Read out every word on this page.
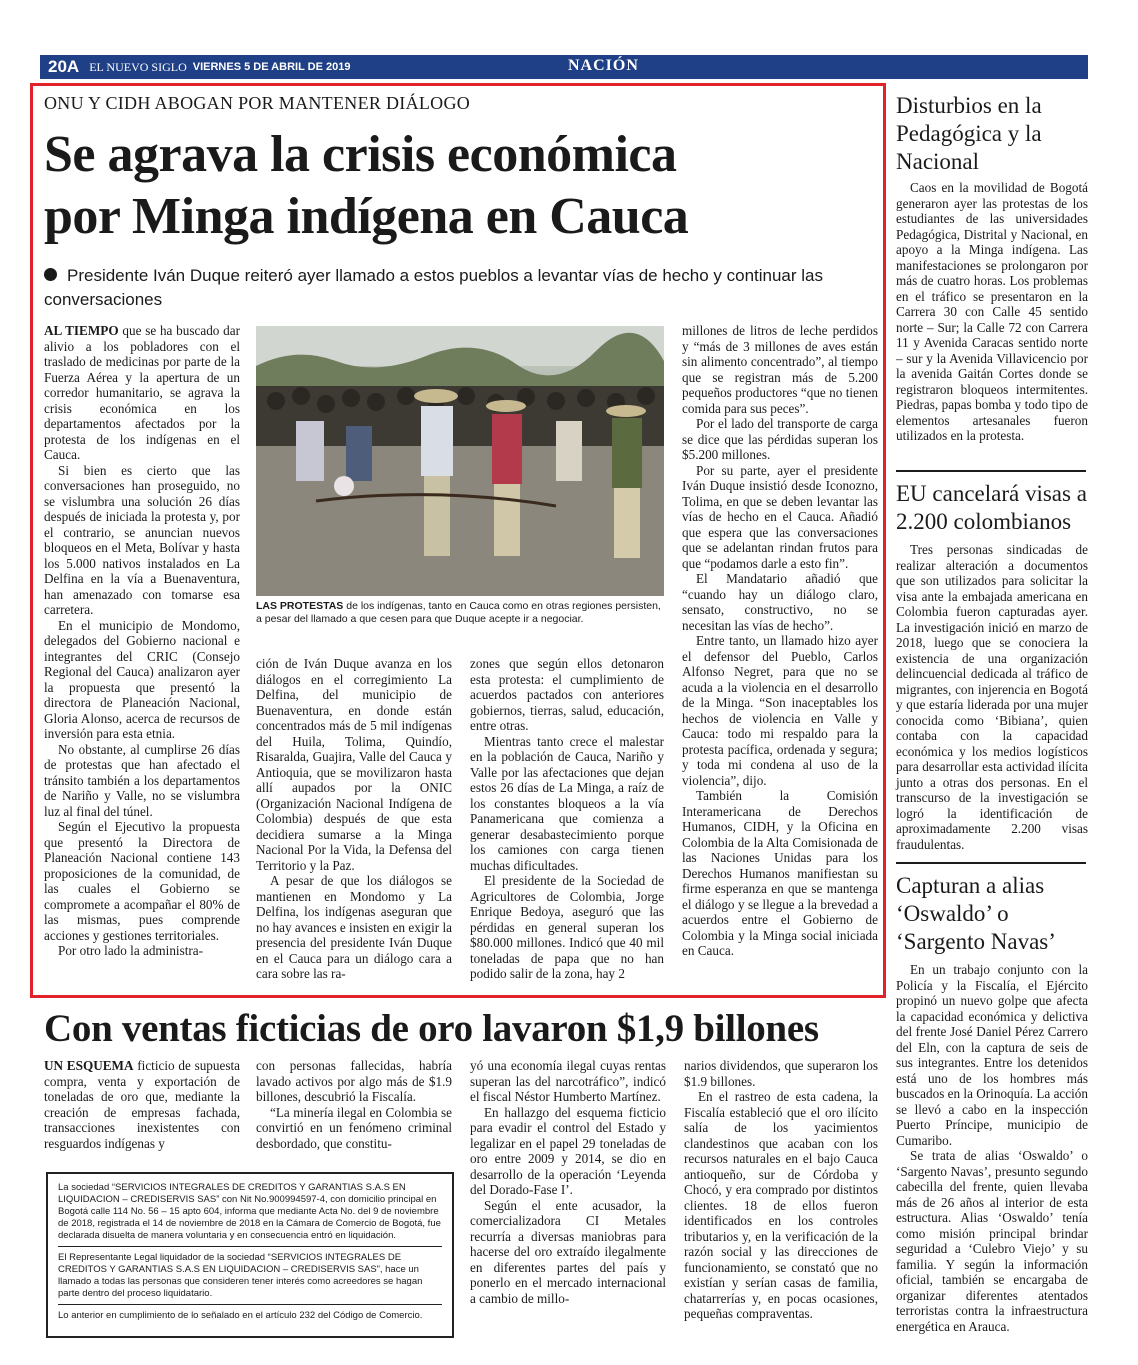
20A EL NUEVO SIGLO VIERNES 5 DE ABRIL DE 2019	NACIÓN
ONU Y CIDH ABOGAN POR MANTENER DIÁLOGO
Se agrava la crisis económica
por Minga indígena en Cauca
Presidente Iván Duque reiteró ayer llamado a estos pueblos a levantar vías de hecho y continuar las conversaciones

AL TIEMPO que se ha buscado dar alivio a los pobladores con el traslado de medicinas por parte de la Fuerza Aérea y la apertura de un corredor humanitario, se agrava la crisis económica en los departamentos afectados por la protesta de los indígenas en el Cauca.

Si bien es cierto que las conversaciones han proseguido, no se vislumbra una solución 26 días después de iniciada la protesta y, por el contrario, se anuncian nuevos bloqueos en el Meta, Bolívar y hasta los 5.000 nativos instalados en La Delfina en la vía a Buenaventura, han amenazado con tomarse esa carretera.

En el municipio de Mondomo, delegados del Gobierno nacional e integrantes del CRIC (Consejo Regional del Cauca) analizaron ayer la propuesta que presentó la directora de Planeación Nacional, Gloria Alonso, acerca de recursos de inversión para esta etnia.

No obstante, al cumplirse 26 días de protestas que han afectado el tránsito también a los departamentos de Nariño y Valle, no se vislumbra luz al final del túnel.

Según el Ejecutivo la propuesta que presentó la Directora de Planeación Nacional contiene 143 proposiciones de la comunidad, de las cuales el Gobierno se compromete a acompañar el 80% de las mismas, pues comprende acciones y gestiones territoriales.

Por otro lado la administra-

LAS PROTESTAS de los indígenas, tanto en Cauca como en otras regiones persisten, a pesar del llamado a que cesen para que Duque acepte ir a negociar.

ción de Iván Duque avanza en los diálogos en el corregimiento La Delfina, del municipio de Buenaventura, en donde están concentrados más de 5 mil indígenas del Huila, Tolima, Quindío, Risaralda, Guajira, Valle del Cauca y Antioquia, que se movilizaron hasta allí aupados por la ONIC (Organización Nacional Indígena de Colombia) después de que esta decidiera sumarse a la Minga Nacional Por la Vida, la Defensa del Territorio y la Paz.

A pesar de que los diálogos se mantienen en Mondomo y La Delfina, los indígenas aseguran que no hay avances e insisten en exigir la presencia del presidente Iván Duque en el Cauca para un diálogo cara a cara sobre las ra-

zones que según ellos detonaron esta protesta: el cumplimiento de acuerdos pactados con anteriores gobiernos, tierras, salud, educación, entre otras.

Mientras tanto crece el malestar en la población de Cauca, Nariño y Valle por las afectaciones que dejan estos 26 días de La Minga, a raíz de los constantes bloqueos a la vía Panamericana que comienza a generar desabastecimiento porque los camiones con carga tienen muchas dificultades.

El presidente de la Sociedad de Agricultores de Colombia, Jorge Enrique Bedoya, aseguró que las pérdidas en general superan los $80.000 millones. Indicó que 40 mil toneladas de papa que no han podido salir de la zona, hay 2

millones de litros de leche perdidos y “más de 3 millones de aves están sin alimento concentrado”, al tiempo que se registran más de 5.200 pequeños productores “que no tienen comida para sus peces”.

Por el lado del transporte de carga se dice que las pérdidas superan los $5.200 millones.

Por su parte, ayer el presidente Iván Duque insistió desde Iconozno, Tolima, en que se deben levantar las vías de hecho en el Cauca. Añadió que espera que las conversaciones que se adelantan rindan frutos para que “podamos darle a esto fin”.

El Mandatario añadió que “cuando hay un diálogo claro, sensato, constructivo, no se necesitan las vías de hecho”.

Entre tanto, un llamado hizo ayer el defensor del Pueblo, Carlos Alfonso Negret, para que no se acuda a la violencia en el desarrollo de la Minga. “Son inaceptables los hechos de violencia en Valle y Cauca: todo mi respaldo para la protesta pacífica, ordenada y segura; y toda mi condena al uso de la violencia”, dijo.

También la Comisión Interamericana de Derechos Humanos, CIDH, y la Oficina en Colombia de la Alta Comisionada de las Naciones Unidas para los Derechos Humanos manifiestan su firme esperanza en que se mantenga el diálogo y se llegue a la brevedad a acuerdos entre el Gobierno de Colombia y la Minga social iniciada en Cauca.

Disturbios en la Pedagógica y la Nacional

Caos en la movilidad de Bogotá generaron ayer las protestas de los estudiantes de las universidades Pedagógica, Distrital y Nacional, en apoyo a la Minga indígena. Las manifestaciones se prolongaron por más de cuatro horas. Los problemas en el tráfico se presentaron en la Carrera 30 con Calle 45 sentido norte – Sur; la Calle 72 con Carrera 11 y Avenida Caracas sentido norte – sur y la Avenida Villavicencio por la avenida Gaitán Cortes donde se registraron bloqueos intermitentes. Piedras, papas bomba y todo tipo de elementos artesanales fueron utilizados en la protesta.

EU cancelará visas a 2.200 colombianos

Tres personas sindicadas de realizar alteración a documentos que son utilizados para solicitar la visa ante la embajada americana en Colombia fueron capturadas ayer. La investigación inició en marzo de 2018, luego que se conociera la existencia de una organización delincuencial dedicada al tráfico de migrantes, con injerencia en Bogotá y que estaría liderada por una mujer conocida como ‘Bibiana’, quien contaba con la capacidad económica y los medios logísticos para desarrollar esta actividad ilícita junto a otras dos personas. En el transcurso de la investigación se logró la identificación de aproximadamente 2.200 visas fraudulentas.

Capturan a alias ‘Oswaldo’ o ‘Sargento Navas’

En un trabajo conjunto con la Policía y la Fiscalía, el Ejército propinó un nuevo golpe que afecta la capacidad económica y delictiva del frente José Daniel Pérez Carrero del Eln, con la captura de seis de sus integrantes. Entre los detenidos está uno de los hombres más buscados en la Orinoquía. La acción se llevó a cabo en la inspección Puerto Príncipe, municipio de Cumaribo.

Se trata de alias ‘Oswaldo’ o ‘Sargento Navas’, presunto segundo cabecilla del frente, quien llevaba más de 26 años al interior de esta estructura. Alias ‘Oswaldo’ tenía como misión principal brindar seguridad a ‘Culebro Viejo’ y su familia. Y según la información oficial, también se encargaba de organizar diferentes atentados terroristas contra la infraestructura energética en Arauca.

Con ventas ficticias de oro lavaron $1,9 billones

UN ESQUEMA ficticio de supuesta compra, venta y exportación de toneladas de oro que, mediante la creación de empresas fachada, transacciones inexistentes con resguardos indígenas y

con personas fallecidas, habría lavado activos por algo más de $1.9 billones, descubrió la Fiscalía.

“La minería ilegal en Colombia se convirtió en un fenómeno criminal desbordado, que constitu-

yó una economía ilegal cuyas rentas superan las del narcotráfico”, indicó el fiscal Néstor Humberto Martínez.

En hallazgo del esquema ficticio para evadir el control del Estado y legalizar en el papel 29 toneladas de oro entre 2009 y 2014, se dio en desarrollo de la operación ‘Leyenda del Dorado-Fase I’.

Según el ente acusador, la comercializadora CI Metales recurría a diversas maniobras para hacerse del oro extraído ilegalmente en diferentes partes del país y ponerlo en el mercado internacional a cambio de millo-

narios dividendos, que superaron los $1.9 billones.

En el rastreo de esta cadena, la Fiscalía estableció que el oro ilícito salía de los yacimientos clandestinos que acaban con los recursos naturales en el bajo Cauca antioqueño, sur de Córdoba y Chocó, y era comprado por distintos clientes. 18 de ellos fueron identificados en los controles tributarios y, en la verificación de la razón social y las direcciones de funcionamiento, se constató que no existían y serían casas de familia, chatarrerías y, en pocas ocasiones, pequeñas compraventas.

La sociedad “SERVICIOS INTEGRALES DE CREDITOS Y GARANTIAS S.A.S EN LIQUIDACION – CREDISERVIS SAS” con Nit No.900994597-4, con domicilio principal en Bogotá calle 114 No. 56 – 15 apto 604, informa que mediante Acta No. del 9 de noviembre de 2018, registrada el 14 de noviembre de 2018 en la Cámara de Comercio de Bogotá, fue declarada disuelta de manera voluntaria y en consecuencia entró en liquidación.

El Representante Legal liquidador de la sociedad “SERVICIOS INTEGRALES DE CREDITOS Y GARANTIAS S.A.S EN LIQUIDACION – CREDISERVIS SAS”, hace un llamado a todas las personas que consideren tener interés como acreedores se hagan parte dentro del proceso liquidatario.

Lo anterior en cumplimiento de lo señalado en el artículo 232 del Código de Comercio.
